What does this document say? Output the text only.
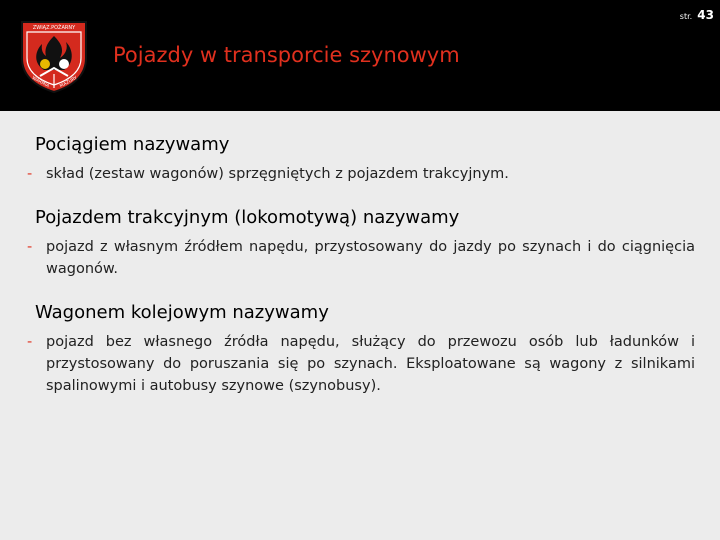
str. 43
ZWIĄZ.POŻARNY
WARMIA MAZURY
Pojazdy w transporcie szynowym
Pociągiem nazywamy
- skład (zestaw wagonów) sprzęgniętych z pojazdem trakcyjnym.
Pojazdem trakcyjnym (lokomotywą) nazywamy
- pojazd z własnym źródłem napędu, przystosowany do jazdy po szynach i do ciągnięcia wagonów.
Wagonem kolejowym nazywamy
- pojazd bez własnego źródła napędu, służący do przewozu osób lub ładunków i przystosowany do poruszania się po szynach. Eksploatowane są wagony z silnikami spalinowymi i autobusy szynowe (szynobusy).
